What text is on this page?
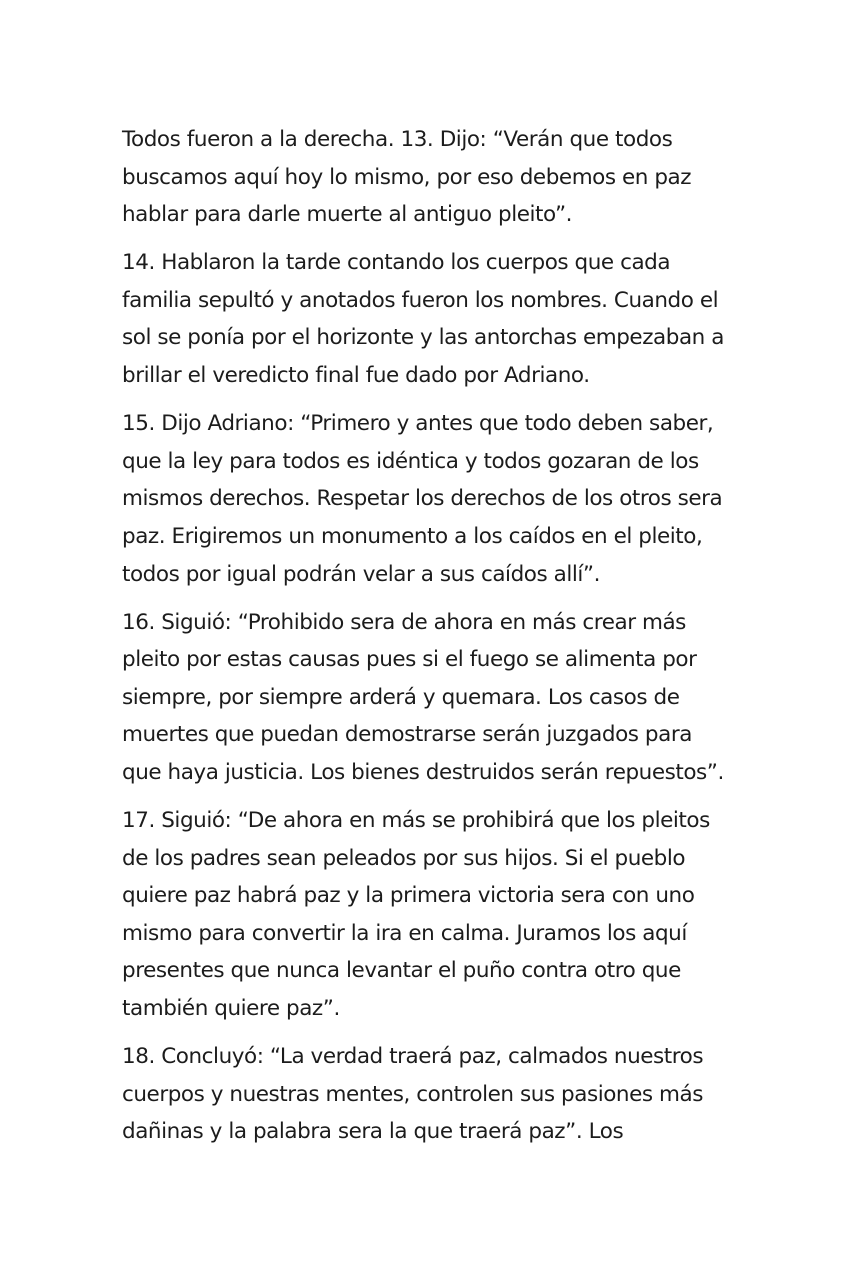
Todos fueron a la derecha. 13. Dijo: “Verán que todos
buscamos aquí hoy lo mismo, por eso debemos en paz
hablar para darle muerte al antiguo pleito”.

14. Hablaron la tarde contando los cuerpos que cada
familia sepultó y anotados fueron los nombres. Cuando el
sol se ponía por el horizonte y las antorchas empezaban a
brillar el veredicto final fue dado por Adriano.

15. Dijo Adriano: “Primero y antes que todo deben saber,
que la ley para todos es idéntica y todos gozaran de los
mismos derechos. Respetar los derechos de los otros sera
paz. Erigiremos un monumento a los caídos en el pleito,
todos por igual podrán velar a sus caídos allí”.

16. Siguió: “Prohibido sera de ahora en más crear más
pleito por estas causas pues si el fuego se alimenta por
siempre, por siempre arderá y quemara. Los casos de
muertes que puedan demostrarse serán juzgados para
que haya justicia. Los bienes destruidos serán repuestos”.

17. Siguió: “De ahora en más se prohibirá que los pleitos
de los padres sean peleados por sus hijos. Si el pueblo
quiere paz habrá paz y la primera victoria sera con uno
mismo para convertir la ira en calma. Juramos los aquí
presentes que nunca levantar el puño contra otro que
también quiere paz”.

18. Concluyó: “La verdad traerá paz, calmados nuestros
cuerpos y nuestras mentes, controlen sus pasiones más
dañinas y la palabra sera la que traerá paz”. Los
